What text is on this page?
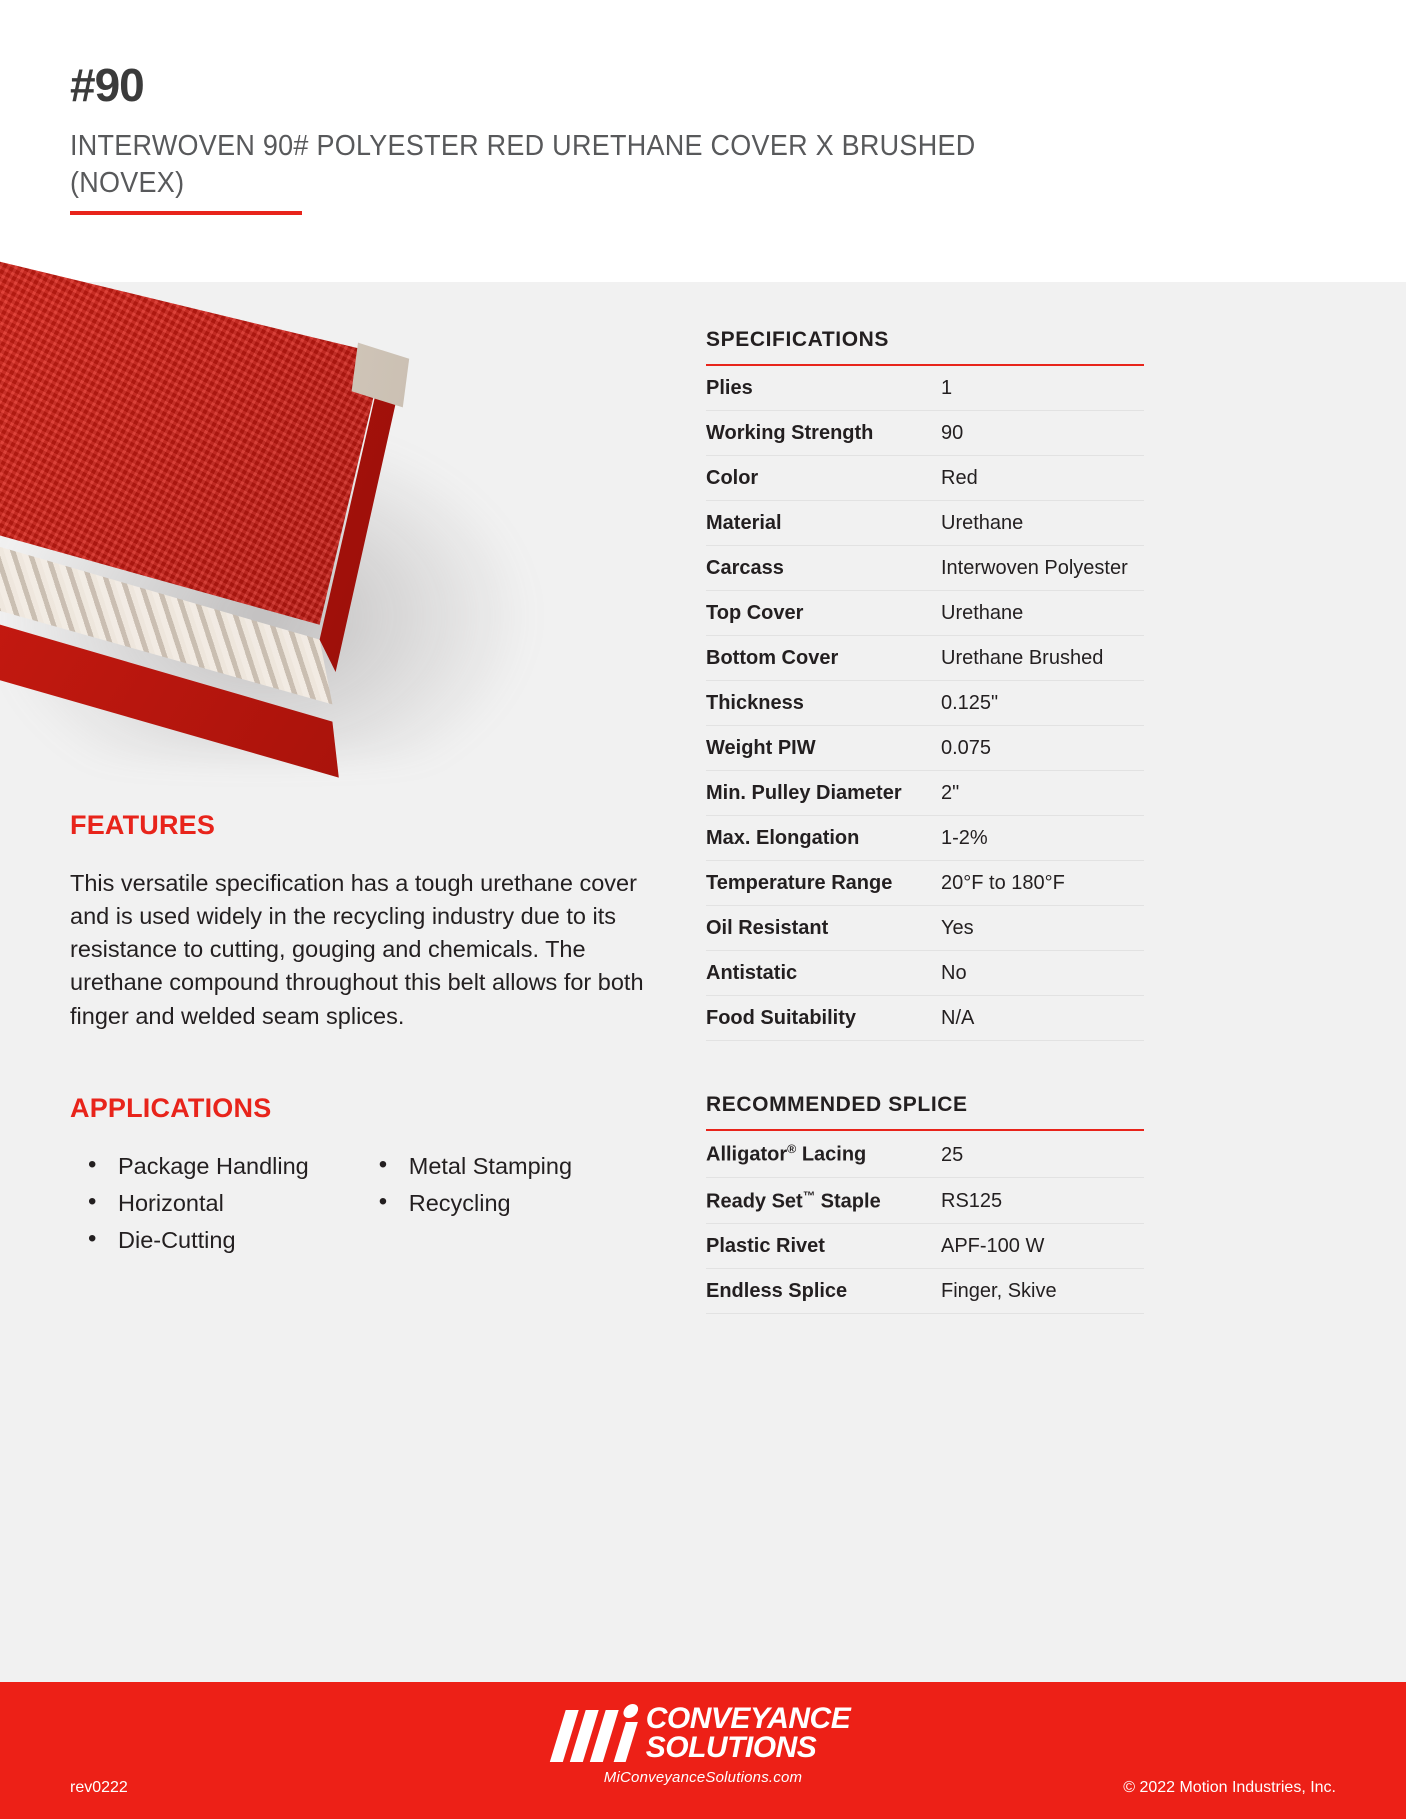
#90
INTERWOVEN 90# POLYESTER RED URETHANE COVER X BRUSHED (NOVEX)
FEATURES

This versatile specification has a tough urethane cover and is used widely in the recycling industry due to its resistance to cutting, gouging and chemicals. The urethane compound throughout this belt allows for both finger and welded seam splices.

APPLICATIONS
• Package Handling
• Horizontal
• Die-Cutting
• Metal Stamping
• Recycling
SPECIFICATIONS
Plies	1
Working Strength	90
Color	Red
Material	Urethane
Carcass	Interwoven Polyester
Top Cover	Urethane
Bottom Cover	Urethane Brushed
Thickness	0.125"
Weight PIW	0.075
Min. Pulley Diameter	2"
Max. Elongation	1-2%
Temperature Range	20°F to 180°F
Oil Resistant	Yes
Antistatic	No
Food Suitability	N/A
RECOMMENDED SPLICE
Alligator® Lacing	25
Ready Set™ Staple	RS125
Plastic Rivet	APF-100 W
Endless Splice	Finger, Skive
CONVEYANCE
SOLUTIONS
MiConveyanceSolutions.com
rev0222	© 2022 Motion Industries, Inc.
